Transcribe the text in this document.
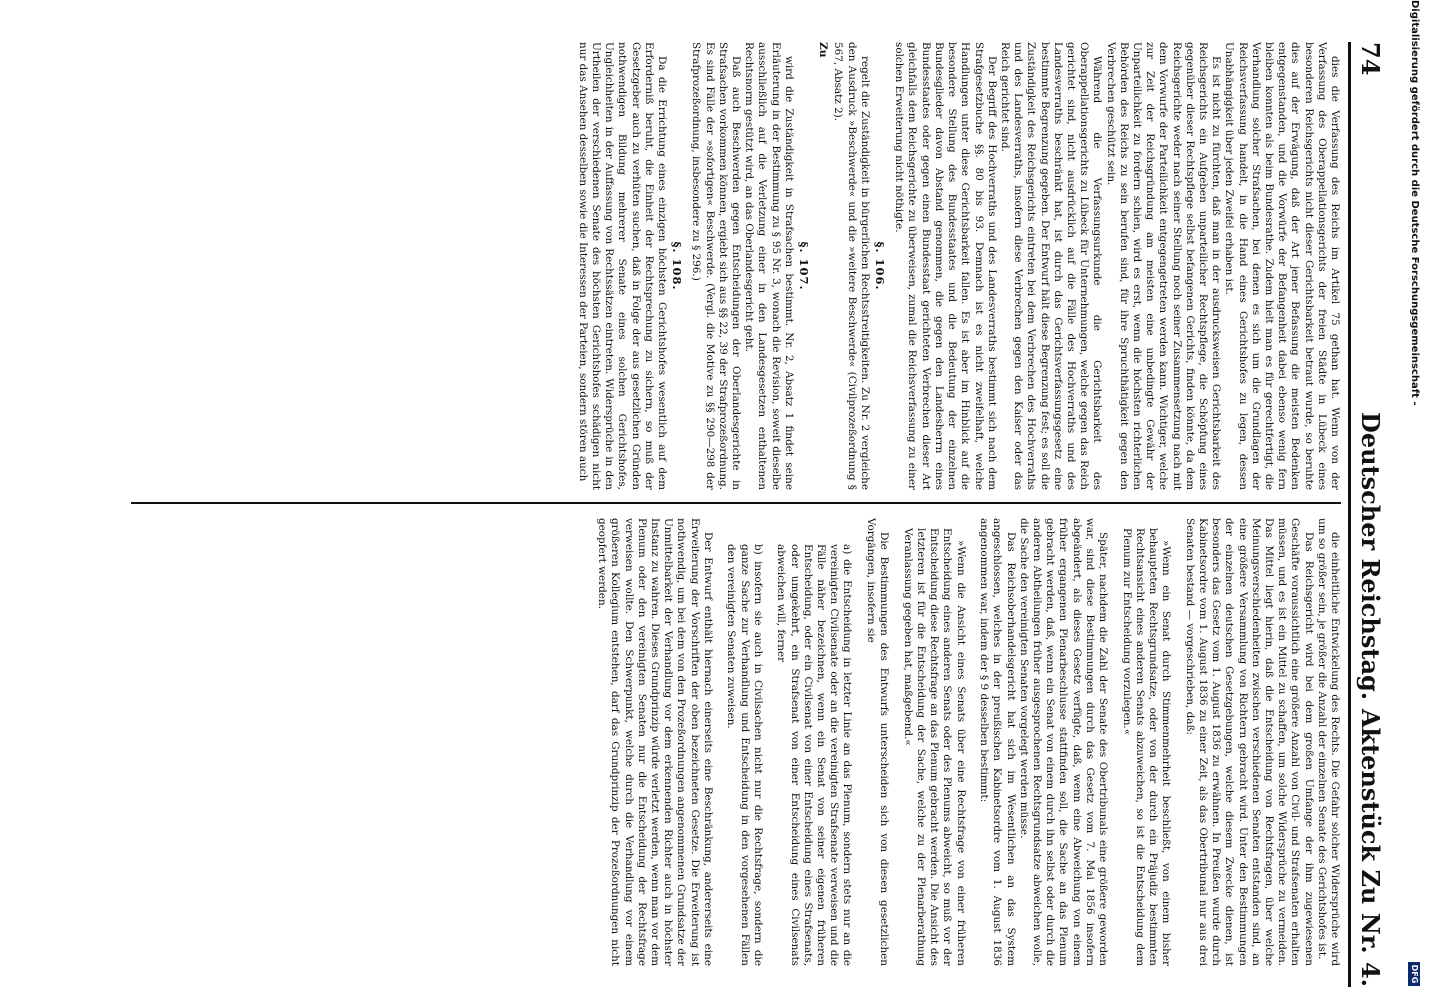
74
Deutscher Reichstag.
Aktenstück Zu Nr. 4.

dies die Verfassung des Reichs im Artikel 75 gethan hat. Wenn von der Verfassung des Oberappellationsgerichts der freien Städte in Lübeck eines besonderen Reichsgerichts nicht dieser Gerichtsbarkeit betraut wurde, so beruhte dies auf der Erwägung, daß der Art jener Befassung die meisten Bedenken entgegenstanden, und die Vorwürfe der Befangenheit dabei ebenso wenig fern bleiben konnten als beim Bundesrathe. Zudem hielt man es für gerechtfertigt, die Verhandlung solcher Strafsachen, bei denen es sich um die Grundlagen der Reichsverfassung handelt, in die Hand eines Gerichtshofes zu legen, dessen Unabhängigkeit über jeden Zweifel erhaben ist.

Es ist nicht zu fürchten, daß man in der ausdrucksweisen Gerichtsbarkeit des Reichsgerichts ein Aufgeben unparteilicher Rechtspflege, die Schöpfung eines gegenüber dieser Rechtspflege selbst befangenen Gerichts, finden könnte, da dem Reichsgerichte weder nach seiner Stellung noch seiner Zusammensetzung nach mit dem Vorwurfe der Parteilichkeit entgegengetreten werden kann. Wichtiger, welche zur Zeit der Reichsgründung am meisten eine unbedingte Gewähr der Unparteilichkeit zu fordern schien, wird es erst, wenn die höchsten richterlichen Behörden des Reichs zu sein berufen sind, für ihre Spruchthätigkeit gegen den Verbrechen geschützt sein.

Während die Verfassungsurkunde die Gerichtsbarkeit des Oberappellationsgerichts zu Lübeck für Unternehmungen, welche gegen das Reich gerichtet sind, nicht ausdrücklich auf die Fälle des Hochverraths und des Landesverraths beschränkt hat, ist durch das Gerichtsverfassungsgesetz eine bestimmte Begrenzung gegeben. Der Entwurf hält diese Begrenzung fest; es soll die Zuständigkeit des Reichsgerichts eintreten bei dem Verbrechen des Hochverraths und des Landesverraths, insofern diese Verbrechen gegen den Kaiser oder das Reich gerichtet sind.

Der Begriff des Hochverraths und des Landesverraths bestimmt sich nach dem Strafgesetzbuche §§. 80 bis 93. Demnach ist es nicht zweifelhaft, welche Handlungen unter diese Gerichtsbarkeit fallen. Es ist aber im Hinblick auf die besondere Stellung des Bundesstaates und die Bedeutung der einzelnen Bundesglieder davon Abstand genommen, die gegen den Landesherrn eines Bundesstaates oder gegen einen Bundesstaat gerichteten Verbrechen dieser Art gleichfalls dem Reichsgerichte zu überweisen, zumal die Reichsverfassung zu einer solchen Erweiterung nicht nöthigte.

§. 106.

regelt die Zuständigkeit in bürgerlichen Rechtsstreitigkeiten. Zu Nr. 2 vergleiche den Ausdruck »Beschwerde« und die »weitere Beschwerde« (Civilprozeßordnung § 567, Absatz 2).

Zu

§. 107.

wird die Zuständigkeit in Strafsachen bestimmt. Nr. 2, Absatz 1 findet seine Erläuterung in der Bestimmung zu § 95 Nr. 3, wonach die Revision, soweit dieselbe ausschließlich auf die Verletzung einer in den Landesgesetzen enthaltenen Rechtsnorm gestützt wird, an das Oberlandesgericht geht.

Daß auch Beschwerden gegen Entscheidungen der Oberlandesgerichte in Strafsachen vorkommen können, ergiebt sich aus §§ 22, 39 der Strafprozeßordnung. Es sind Fälle der »sofortigen« Beschwerde. (Vergl. die Motive zu §§ 290—298 der Strafprozeßordnung, insbesondere zu § 296.)

§. 108.

Da die Errichtung eines einzigen höchsten Gerichtshofes wesentlich auf dem Erforderniß beruht, die Einheit der Rechtsprechung zu sichern, so muß der Gesetzgeber auch zu verhüten suchen, daß in Folge der aus gesetzlichen Gründen nothwendigen Bildung mehrerer Senate eines solchen Gerichtshofes, Ungleichheiten in der Auffassung von Rechtssätzen eintreten. Widersprüche in den Urtheilen der verschiedenen Senate des höchsten Gerichtshofes schädigen nicht nur das Ansehen desselben sowie die Interessen der Parteien, sondern stören auch

die einheitliche Entwickelung des Rechts. Die Gefahr solcher Widersprüche wird um so größer sein, je größer die Anzahl der einzelnen Senate des Gerichtshofes ist.

Das Reichsgericht wird bei dem großen Umfange der ihm zugewiesenen Geschäfte voraussichtlich eine größere Anzahl von Civil- und Strafsenaten erhalten müssen, und es ist ein Mittel zu schaffen, um solche Widersprüche zu vermeiden. Das Mittel liegt hierin, daß die Entscheidung von Rechtsfragen, über welche Meinungsverschiedenheiten zwischen verschiedenen Senaten entstanden sind, an eine größere Versammlung von Richtern gebracht wird. Unter den Bestimmungen der einzelnen deutschen Gesetzgebungen, welche diesem Zwecke dienen, ist besonders das Gesetz vom 1. August 1836 zu erwähnen. In Preußen wurde durch Kabinetsordre vom 1. August 1836 zu einer Zeit, als das Obertribunal nur aus drei Senaten bestand — vorgeschrieben, daß:

»Wenn ein Senat durch Stimmenmehrheit beschließt, von einem bisher behaupteten Rechtsgrundsatze, oder von der durch ein Präjudiz bestimmten Rechtsansicht eines anderen Senats abzuweichen, so ist die Entscheidung dem Plenum zur Entscheidung vorzulegen.«

Später, nachdem die Zahl der Senate des Obertribunals eine größere geworden war, sind diese Bestimmungen durch das Gesetz vom 7. Mai 1856 insofern abgeändert, als dieses Gesetz verfügte, daß, wenn eine Abweichung von einem früher ergangenen Plenarbeschlusse stattfinden soll, die Sache an das Plenum gebracht werden, daß, wenn ein Senat von einem durch ihn selbst oder durch die anderen Abtheilungen früher ausgesprochenen Rechtsgrundsatze abweichen wolle, die Sache den vereinigten Senaten vorgelegt werden müsse.

Das Reichsoberhandelsgericht hat sich im Wesentlichen an das System angeschlossen, welches in der preußischen Kabinetsordre vom 1. August 1836 angenommen war, indem der § 9 desselben bestimmt:

»Wenn die Ansicht eines Senats über eine Rechtsfrage von einer früheren Entscheidung eines anderen Senats oder des Plenums abweicht, so muß vor der Entscheidung diese Rechtsfrage an das Plenum gebracht werden. Die Ansicht des letzteren ist für die Entscheidung der Sache, welche zu der Plenarberathung Veranlassung gegeben hat, maßgebend.«

Die Bestimmungen des Entwurfs unterscheiden sich von diesen gesetzlichen Vorgängen, insofern sie

a) die Entscheidung in letzter Linie an das Plenum, sondern stets nur an die vereinigten Civilsenate oder an die vereinigten Strafsenate verweisen und die Fälle näher bezeichnen, wenn ein Senat von seiner eigenen früheren Entscheidung, oder ein Civilsenat von einer Entscheidung eines Strafsenats, oder umgekehrt, ein Strafsenat von einer Entscheidung eines Civilsenats abweichen will, ferner

b) insofern sie auch in Civilsachen nicht nur die Rechtsfrage, sondern die ganze Sache zur Verhandlung und Entscheidung in den vorgesehenen Fällen den vereinigten Senaten zuweisen.

Der Entwurf enthält hiernach einerseits eine Beschränkung, andererseits eine Erweiterung der Vorschriften der oben bezeichneten Gesetze. Die Erweiterung ist nothwendig, um bei dem von den Prozeßordnungen angenommenen Grundsatze der Unmittelbarkeit der Verhandlung vor dem erkennenden Richter auch in höchster Instanz zu wahren. Dieses Grundprinzip würde verletzt werden, wenn man vor dem Plenum oder den vereinigten Senaten nur die Entscheidung der Rechtsfrage verweisen wollte. Den Schwerpunkt, welche durch die Verhandlung vor einem größeren Kollegium entstehen, darf das Grundprinzip der Prozeßordnungen nicht geopfert werden.

Digitalisierung gefördert durch die Deutsche Forschungsgemeinschaft -
DFG
